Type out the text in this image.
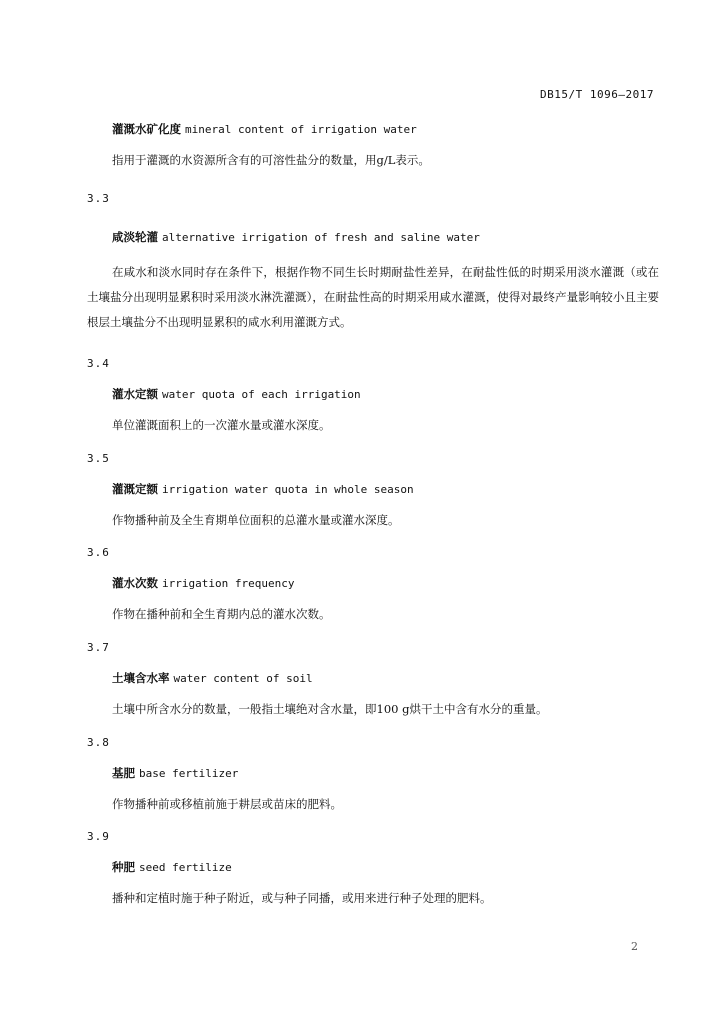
DB15/T 1096—2017
灌溉水矿化度 mineral content of irrigation water
指用于灌溉的水资源所含有的可溶性盐分的数量，用g/L表示。
3.3
咸淡轮灌 alternative irrigation of fresh and saline water
在咸水和淡水同时存在条件下，根据作物不同生长时期耐盐性差异，在耐盐性低的时期采用淡水灌溉（或在土壤盐分出现明显累积时采用淡水淋洗灌溉），在耐盐性高的时期采用咸水灌溉，使得对最终产量影响较小且主要根层土壤盐分不出现明显累积的咸水利用灌溉方式。
3.4
灌水定额 water quota of each irrigation
单位灌溉面积上的一次灌水量或灌水深度。
3.5
灌溉定额 irrigation water quota in whole season
作物播种前及全生育期单位面积的总灌水量或灌水深度。
3.6
灌水次数 irrigation frequency
作物在播种前和全生育期内总的灌水次数。
3.7
土壤含水率 water content of soil
土壤中所含水分的数量，一般指土壤绝对含水量，即100 g烘干土中含有水分的重量。
3.8
基肥 base fertilizer
作物播种前或移植前施于耕层或苗床的肥料。
3.9
种肥 seed fertilize
播种和定植时施于种子附近，或与种子同播，或用来进行种子处理的肥料。
2
